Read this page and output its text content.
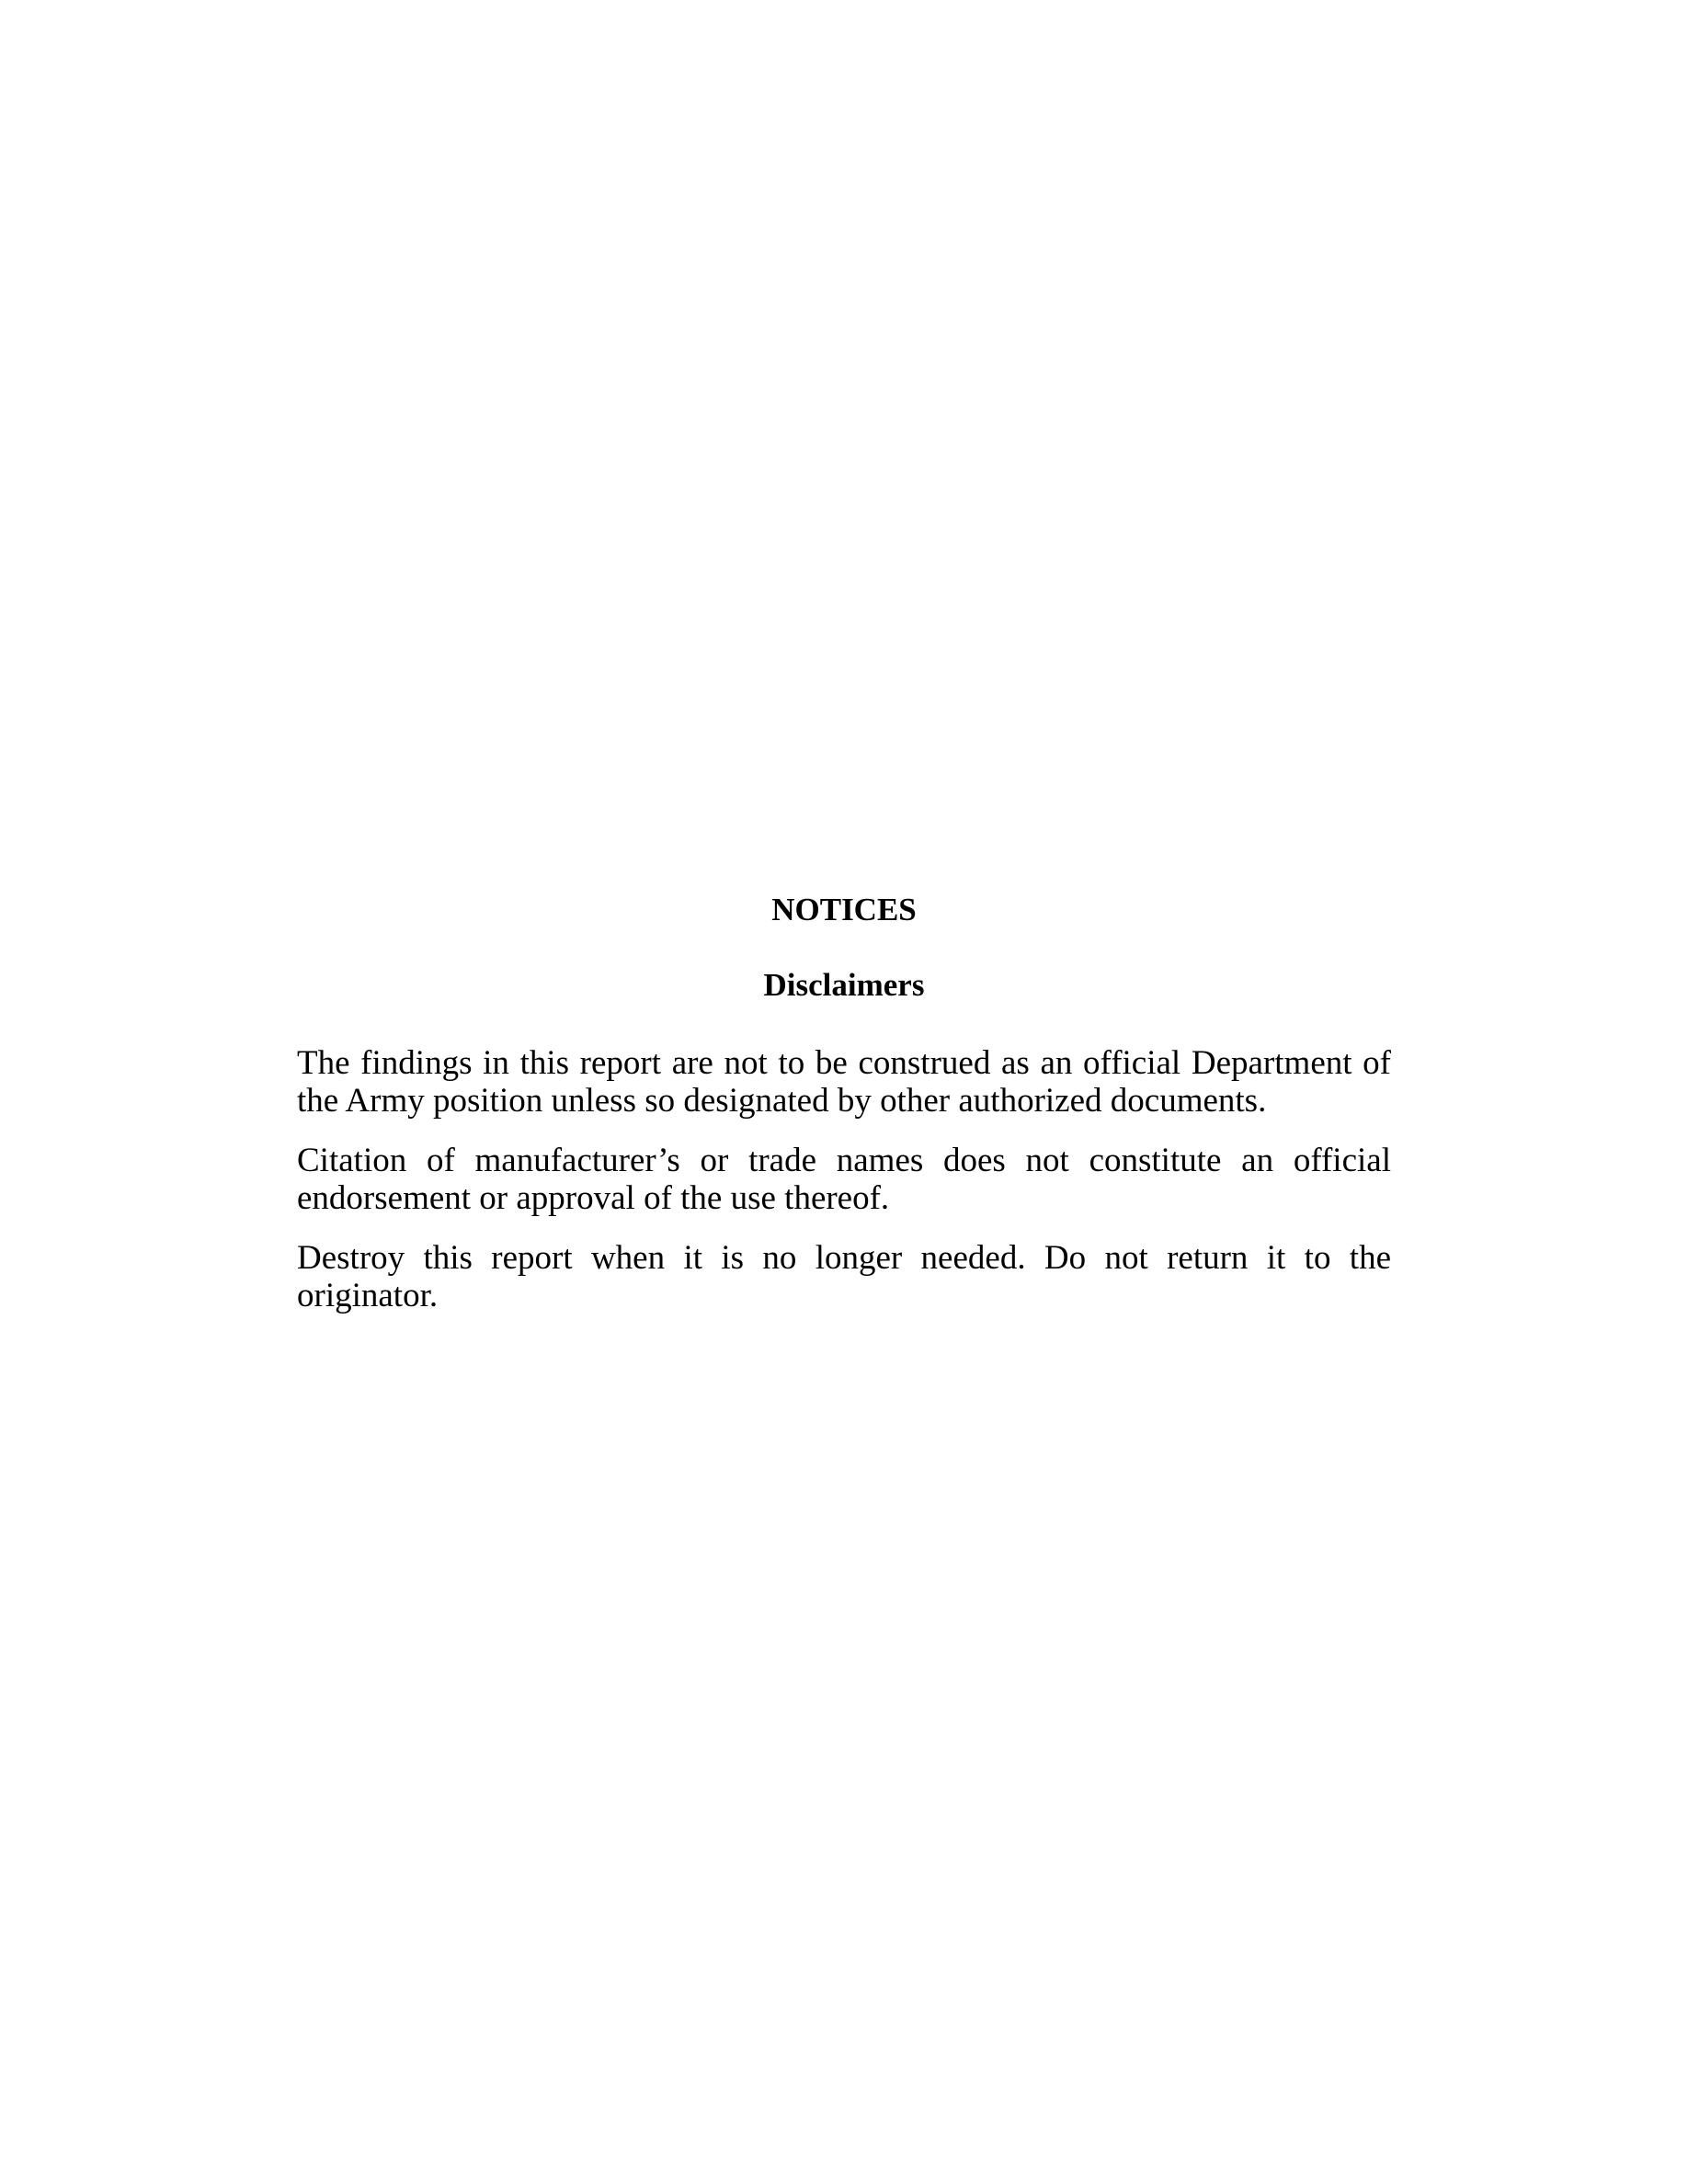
NOTICES
Disclaimers

The findings in this report are not to be construed as an official Department of the Army position unless so designated by other authorized documents.

Citation of manufacturer’s or trade names does not constitute an official endorsement or approval of the use thereof.

Destroy this report when it is no longer needed. Do not return it to the originator.
